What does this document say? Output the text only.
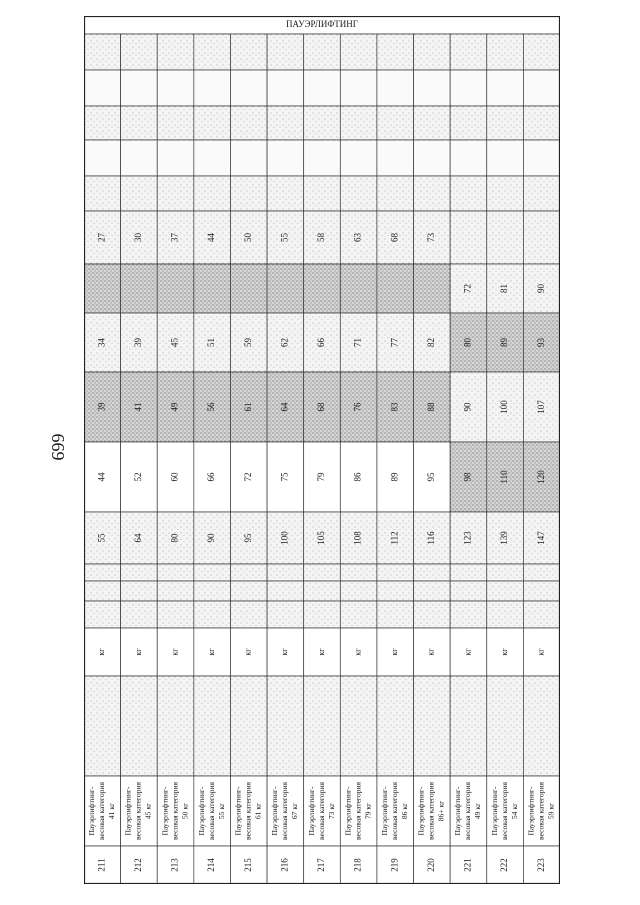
669
ПАУЭРЛИФТИНГ
27
34
39
44
55
кг
Пауэрлифтинг- весовая категория 41 кг
211
30
39
41
52
64
кг
Пауэрлифтинг- весовая категория 45 кг
212
37
45
49
60
80
кг
Пауэрлифтинг- весовая категория 50 кг
213
44
51
56
66
90
кг
Пауэрлифтинг- весовая категория 55 кг
214
50
59
61
72
95
кг
Пауэрлифтинг- весовая категория 61 кг
215
55
62
64
75
100
кг
Пауэрлифтинг- весовая категория 67 кг
216
58
66
68
79
105
кг
Пауэрлифтинг- весовая категория 73 кг
217
63
71
76
86
108
кг
Пауэрлифтинг- весовая категория 79 кг
218
68
77
83
89
112
кг
Пауэрлифтинг- весовая категория 86 кг
219
73
82
88
95
116
кг
Пауэрлифтинг- весовая категория 86+ кг
220
72
80
90
98
123
кг
Пауэрлифтинг- весовая категория 49 кг
221
81
89
100
110
139
кг
Пауэрлифтинг- весовая категория 54 кг
222
90
93
107
120
147
кг
Пауэрлифтинг- весовая категория 59 кг
223
